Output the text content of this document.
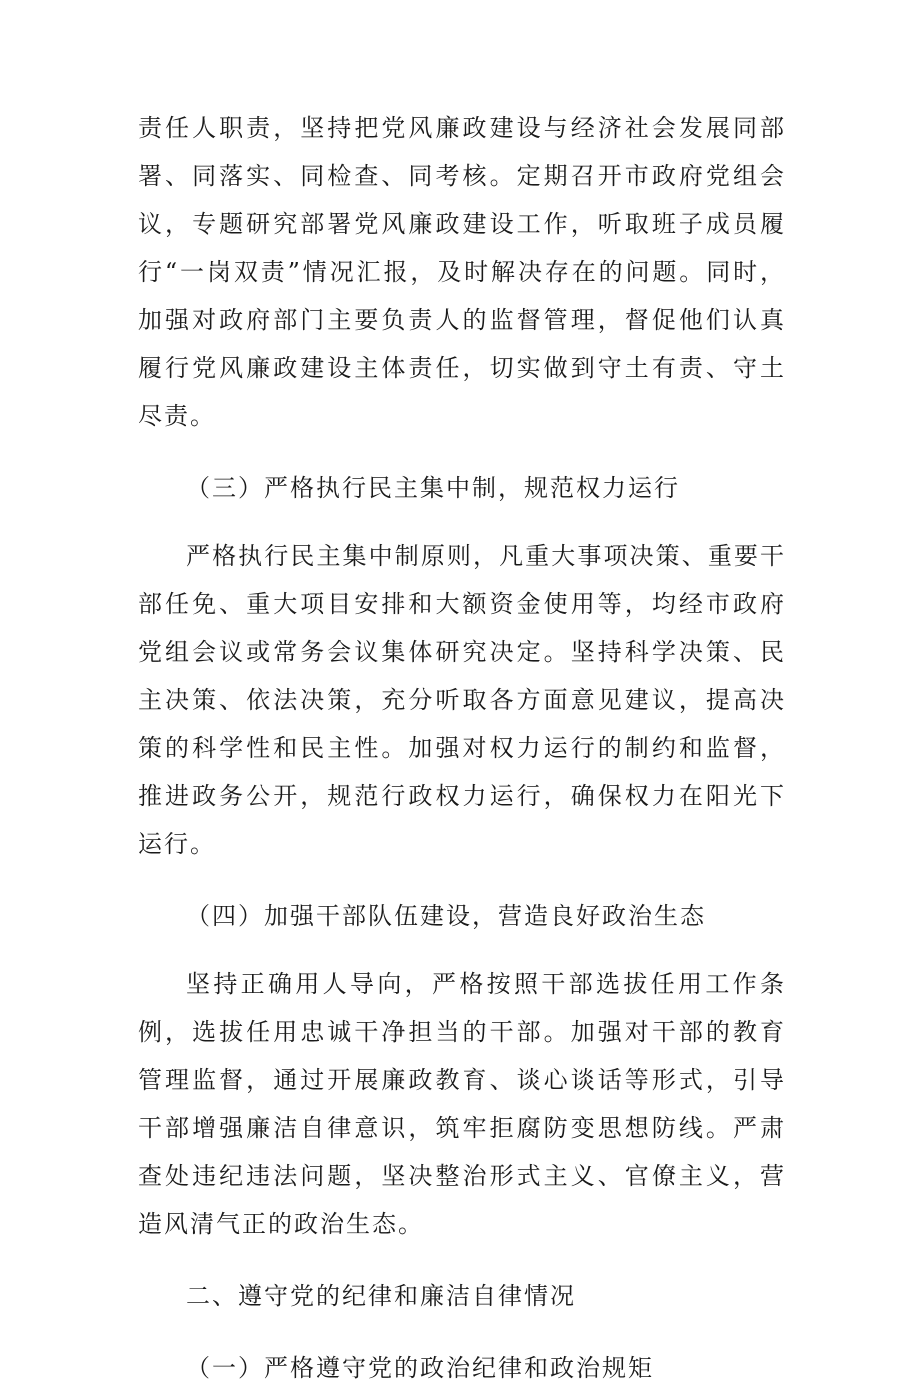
责任人职责，坚持把党风廉政建设与经济社会发展同部署、同落实、同检查、同考核。定期召开市政府党组会议，专题研究部署党风廉政建设工作，听取班子成员履行“一岗双责”情况汇报，及时解决存在的问题。同时，加强对政府部门主要负责人的监督管理，督促他们认真履行党风廉政建设主体责任，切实做到守土有责、守土尽责。

（三）严格执行民主集中制，规范权力运行

严格执行民主集中制原则，凡重大事项决策、重要干部任免、重大项目安排和大额资金使用等，均经市政府党组会议或常务会议集体研究决定。坚持科学决策、民主决策、依法决策，充分听取各方面意见建议，提高决策的科学性和民主性。加强对权力运行的制约和监督，推进政务公开，规范行政权力运行，确保权力在阳光下运行。

（四）加强干部队伍建设，营造良好政治生态

坚持正确用人导向，严格按照干部选拔任用工作条例，选拔任用忠诚干净担当的干部。加强对干部的教育管理监督，通过开展廉政教育、谈心谈话等形式，引导干部增强廉洁自律意识，筑牢拒腐防变思想防线。严肃查处违纪违法问题，坚决整治形式主义、官僚主义，营造风清气正的政治生态。

二、遵守党的纪律和廉洁自律情况

（一）严格遵守党的政治纪律和政治规矩
